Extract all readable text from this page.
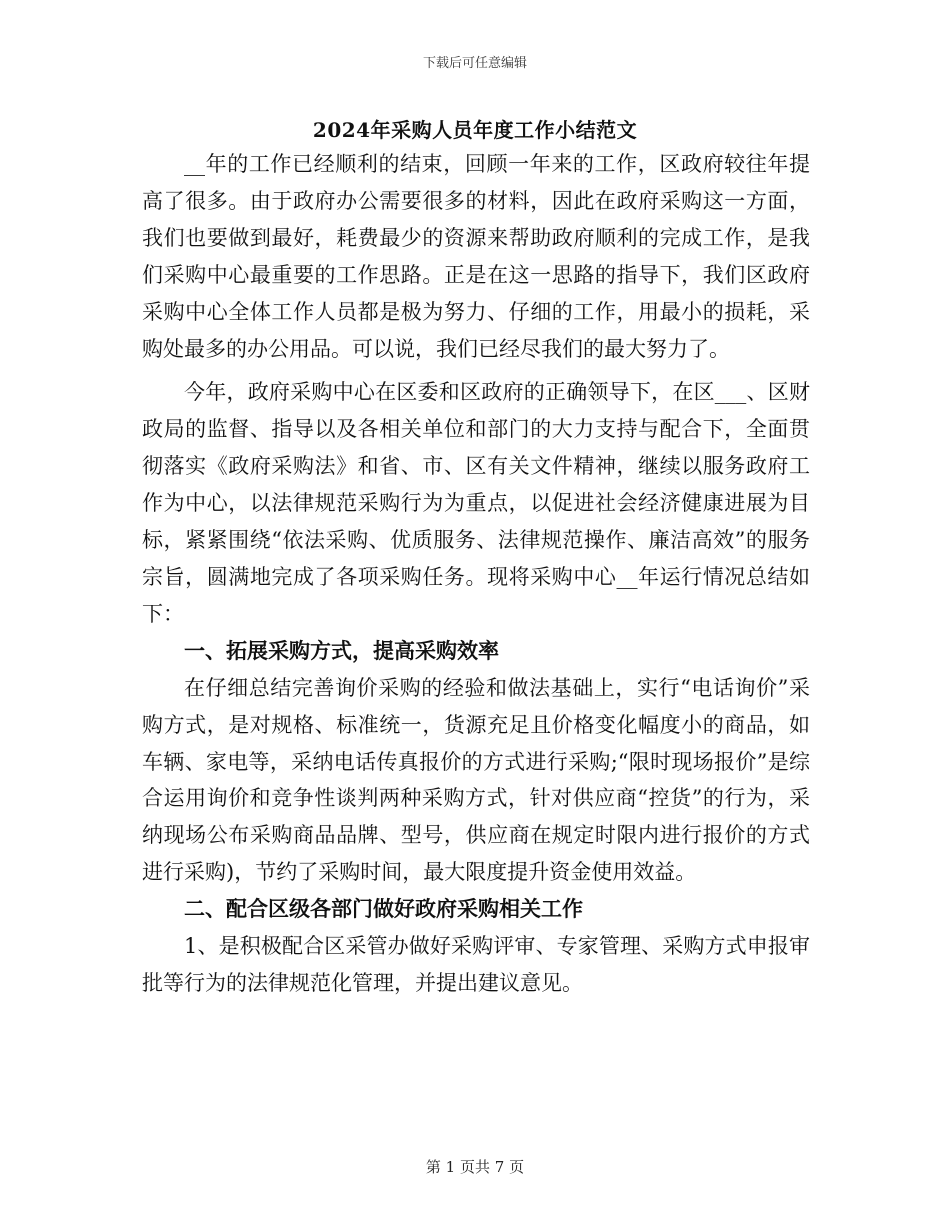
下载后可任意编辑
2024年采购人员年度工作小结范文

__年的工作已经顺利的结束，回顾一年来的工作，区政府较往年提高了很多。由于政府办公需要很多的材料，因此在政府采购这一方面，我们也要做到最好，耗费最少的资源来帮助政府顺利的完成工作，是我们采购中心最重要的工作思路。正是在这一思路的指导下，我们区政府采购中心全体工作人员都是极为努力、仔细的工作，用最小的损耗，采购处最多的办公用品。可以说，我们已经尽我们的最大努力了。

今年，政府采购中心在区委和区政府的正确领导下，在区___、区财政局的监督、指导以及各相关单位和部门的大力支持与配合下，全面贯彻落实《政府采购法》和省、市、区有关文件精神，继续以服务政府工作为中心，以法律规范采购行为为重点，以促进社会经济健康进展为目标，紧紧围绕“依法采购、优质服务、法律规范操作、廉洁高效”的服务宗旨，圆满地完成了各项采购任务。现将采购中心__年运行情况总结如下：

一、拓展采购方式，提高采购效率

在仔细总结完善询价采购的经验和做法基础上，实行“电话询价”采购方式，是对规格、标准统一，货源充足且价格变化幅度小的商品，如车辆、家电等，采纳电话传真报价的方式进行采购;“限时现场报价”是综合运用询价和竞争性谈判两种采购方式，针对供应商“控货”的行为，采纳现场公布采购商品品牌、型号，供应商在规定时限内进行报价的方式进行采购)，节约了采购时间，最大限度提升资金使用效益。

二、配合区级各部门做好政府采购相关工作

1、是积极配合区采管办做好采购评审、专家管理、采购方式申报审批等行为的法律规范化管理，并提出建议意见。

第 1 页共 7 页
